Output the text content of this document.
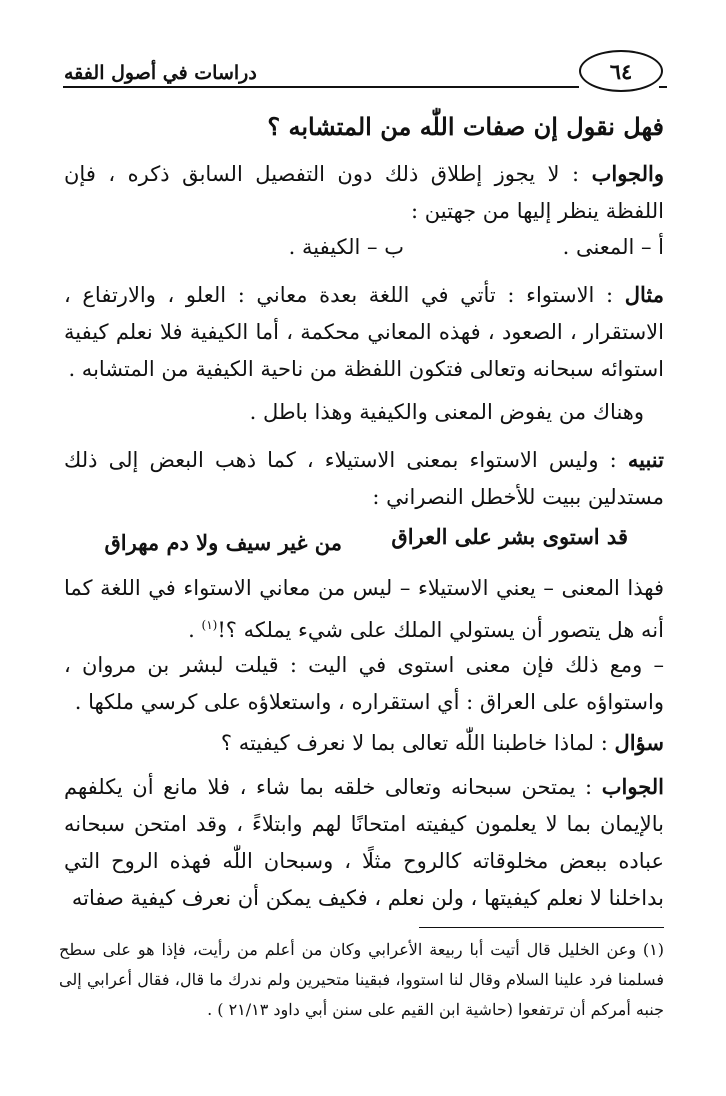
٦٤
دراسات في أصول الفقه
فهل نقول إن صفات اللّٰه من المتشابه ؟
والجواب : لا يجوز إطلاق ذلك دون التفصيل السابق ذكره ، فإن اللفظة ينظر إليها من جهتين :
أ – المعنى .
ب – الكيفية .
مثال : الاستواء : تأتي في اللغة بعدة معاني : العلو ، والارتفاع ، الاستقرار ، الصعود ، فهذه المعاني محكمة ، أما الكيفية فلا نعلم كيفية استوائه سبحانه وتعالى فتكون اللفظة من ناحية الكيفية من المتشابه .
وهناك من يفوض المعنى والكيفية وهذا باطل .
تنبيه : وليس الاستواء بمعنى الاستيلاء ، كما ذهب البعض إلى ذلك مستدلين ببيت للأخطل النصراني :
قد استوى بشر على العراق
من غير سيف ولا دم مهراق
فهذا المعنى – يعني الاستيلاء – ليس من معاني الاستواء في اللغة كما أنه هل يتصور أن يستولي الملك على شيء يملكه ؟!$^{(١)}$ .
– ومع ذلك فإن معنى استوى في اليت : قيلت لبشر بن مروان ، واستواؤه على العراق : أي استقراره ، واستعلاؤه على كرسي ملكها .
سؤال : لماذا خاطبنا اللّٰه تعالى بما لا نعرف كيفيته ؟
الجواب : يمتحن سبحانه وتعالى خلقه بما شاء ، فلا مانع أن يكلفهم بالإيمان بما لا يعلمون كيفيته امتحانًا لهم وابتلاءً ، وقد امتحن سبحانه عباده ببعض مخلوقاته كالروح مثلًا ، وسبحان اللّٰه فهذه الروح التي بداخلنا لا نعلم كيفيتها ، ولن نعلم ، فكيف يمكن أن نعرف كيفية صفاته
(١) وعن الخليل قال أتيت أبا ربيعة الأعرابي وكان من أعلم من رأيت، فإذا هو على سطح فسلمنا فرد علينا السلام وقال لنا استووا، فبقينا متحيرين ولم ندرك ما قال، فقال أعرابي إلى جنبه أمركم أن ترتفعوا (حاشية ابن القيم على سنن أبي داود ٢١/١٣ ) .
